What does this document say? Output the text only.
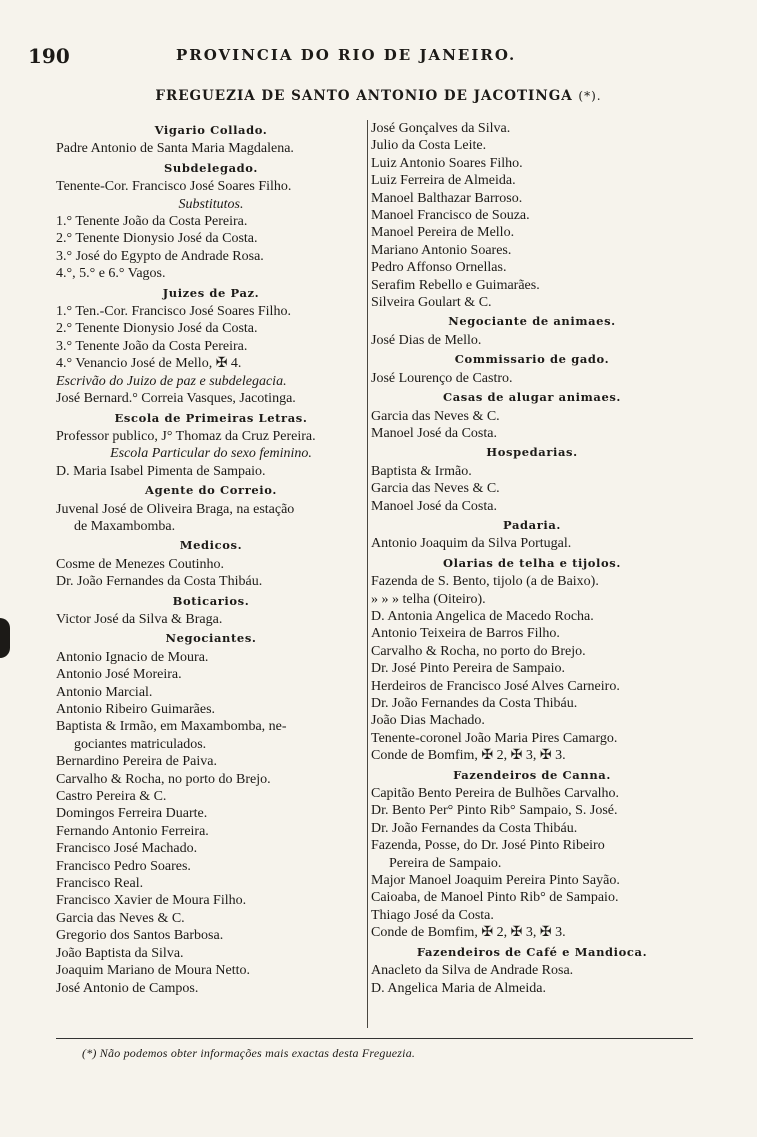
190	PROVINCIA DO RIO DE JANEIRO.
FREGUEZIA DE SANTO ANTONIO DE JACOTINGA (*).
Vigario Collado.
Padre Antonio de Santa Maria Magdalena.
Subdelegado.
Tenente-Cor. Francisco José Soares Filho.
Substitutos.
1.° Tenente João da Costa Pereira.
2.° Tenente Dionysio José da Costa.
3.° José do Egypto de Andrade Rosa.
4.°, 5.° e 6.° Vagos.
Juizes de Paz.
1.° Ten.-Cor. Francisco José Soares Filho.
2.° Tenente Dionysio José da Costa.
3.° Tenente João da Costa Pereira.
4.° Venancio José de Mello, ✠ 4.
Escrivão do Juizo de paz e subdelegacia.
José Bernard.° Correia Vasques, Jacotinga.
Escola de Primeiras Letras.
Professor publico, J° Thomaz da Cruz Pereira.
Escola Particular do sexo feminino.
D. Maria Isabel Pimenta de Sampaio.
Agente do Correio.
Juvenal José de Oliveira Braga, na estação
de Maxambomba.
Medicos.
Cosme de Menezes Coutinho.
Dr. João Fernandes da Costa Thibáu.
Boticarios.
Victor José da Silva & Braga.
Negociantes.
Antonio Ignacio de Moura.
Antonio José Moreira.
Antonio Marcial.
Antonio Ribeiro Guimarães.
Baptista & Irmão, em Maxambomba, ne-
gociantes matriculados.
Bernardino Pereira de Paiva.
Carvalho & Rocha, no porto do Brejo.
Castro Pereira & C.
Domingos Ferreira Duarte.
Fernando Antonio Ferreira.
Francisco José Machado.
Francisco Pedro Soares.
Francisco Real.
Francisco Xavier de Moura Filho.
Garcia das Neves & C.
Gregorio dos Santos Barbosa.
João Baptista da Silva.
Joaquim Mariano de Moura Netto.
José Antonio de Campos.
José Gonçalves da Silva.
Julio da Costa Leite.
Luiz Antonio Soares Filho.
Luiz Ferreira de Almeida.
Manoel Balthazar Barroso.
Manoel Francisco de Souza.
Manoel Pereira de Mello.
Mariano Antonio Soares.
Pedro Affonso Ornellas.
Serafim Rebello e Guimarães.
Silveira Goulart & C.
Negociante de animaes.
José Dias de Mello.
Commissario de gado.
José Lourenço de Castro.
Casas de alugar animaes.
Garcia das Neves & C.
Manoel José da Costa.
Hospedarias.
Baptista & Irmão.
Garcia das Neves & C.
Manoel José da Costa.
Padaria.
Antonio Joaquim da Silva Portugal.
Olarias de telha e tijolos.
Fazenda de S. Bento, tijolo (a de Baixo).
» » » telha (Oiteiro).
D. Antonia Angelica de Macedo Rocha.
Antonio Teixeira de Barros Filho.
Carvalho & Rocha, no porto do Brejo.
Dr. José Pinto Pereira de Sampaio.
Herdeiros de Francisco José Alves Carneiro.
Dr. João Fernandes da Costa Thibáu.
João Dias Machado.
Tenente-coronel João Maria Pires Camargo.
Conde de Bomfim, ✠ 2, ✠ 3, ✠ 3.
Fazendeiros de Canna.
Capitão Bento Pereira de Bulhões Carvalho.
Dr. Bento Per° Pinto Rib° Sampaio, S. José.
Dr. João Fernandes da Costa Thibáu.
Fazenda, Posse, do Dr. José Pinto Ribeiro
Pereira de Sampaio.
Major Manoel Joaquim Pereira Pinto Sayão.
Caioaba, de Manoel Pinto Rib° de Sampaio.
Thiago José da Costa.
Conde de Bomfim, ✠ 2, ✠ 3, ✠ 3.
Fazendeiros de Café e Mandioca.
Anacleto da Silva de Andrade Rosa.
D. Angelica Maria de Almeida.
(*) Não podemos obter informações mais exactas desta Freguezia.
